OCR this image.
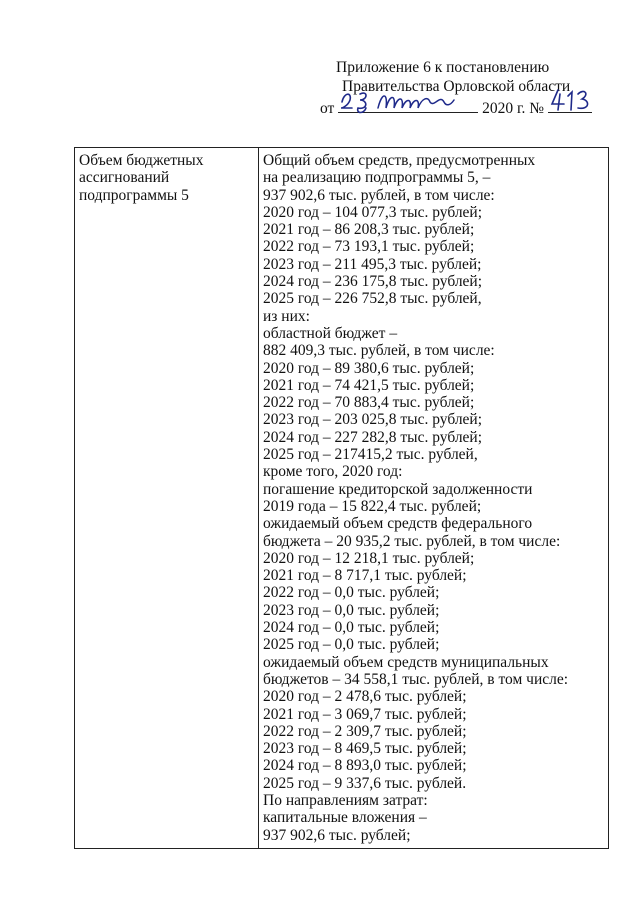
Приложение 6 к постановлению
Правительства Орловской области
от	2020 г. №
Объем бюджетных
ассигнований
подпрограммы 5

Общий объем средств, предусмотренных
на реализацию подпрограммы 5, –
937 902,6 тыс. рублей, в том числе:
2020 год – 104 077,3 тыс. рублей;
2021 год – 86 208,3 тыс. рублей;
2022 год – 73 193,1 тыс. рублей;
2023 год – 211 495,3 тыс. рублей;
2024 год – 236 175,8 тыс. рублей;
2025 год – 226 752,8 тыс. рублей,
из них:
областной бюджет –
882 409,3 тыс. рублей, в том числе:
2020 год – 89 380,6 тыс. рублей;
2021 год – 74 421,5 тыс. рублей;
2022 год – 70 883,4 тыс. рублей;
2023 год – 203 025,8 тыс. рублей;
2024 год – 227 282,8 тыс. рублей;
2025 год – 217415,2 тыс. рублей,
кроме того, 2020 год:
погашение кредиторской задолженности
2019 года – 15 822,4 тыс. рублей;
ожидаемый объем средств федерального
бюджета – 20 935,2 тыс. рублей, в том числе:
2020 год – 12 218,1 тыс. рублей;
2021 год – 8 717,1 тыс. рублей;
2022 год – 0,0 тыс. рублей;
2023 год – 0,0 тыс. рублей;
2024 год – 0,0 тыс. рублей;
2025 год – 0,0 тыс. рублей;
ожидаемый объем средств муниципальных
бюджетов – 34 558,1 тыс. рублей, в том числе:
2020 год – 2 478,6 тыс. рублей;
2021 год – 3 069,7 тыс. рублей;
2022 год – 2 309,7 тыс. рублей;
2023 год – 8 469,5 тыс. рублей;
2024 год – 8 893,0 тыс. рублей;
2025 год – 9 337,6 тыс. рублей.
По направлениям затрат:
капитальные вложения –
937 902,6 тыс. рублей;
